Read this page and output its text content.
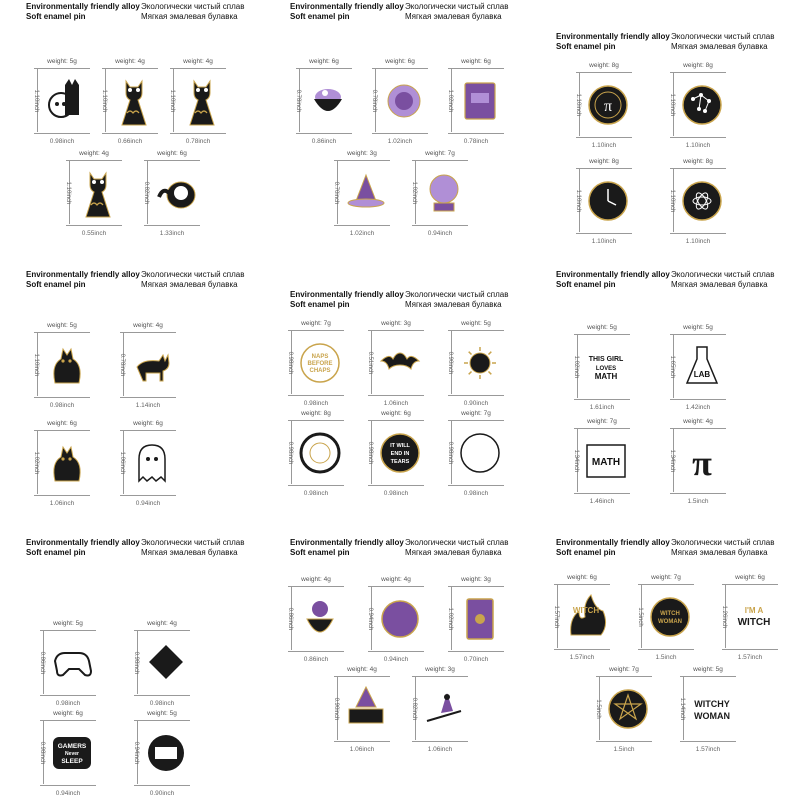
Environmentally friendly alloy
Soft enamel pin
Экологически чистый сплав
Мягкая эмалевая булавка
weight: 5g
1.10inch
0.98inch
weight: 4g
1.10inch
0.66inch
weight: 4g
1.10inch
0.78inch
weight: 4g
1.10inch
0.55inch
weight: 6g
0.82inch
1.33inch
Environmentally friendly alloy
Soft enamel pin
Экологически чистый сплав
Мягкая эмалевая булавка
weight: 6g
0.78inch
0.86inch
weight: 6g
0.78inch
1.02inch
weight: 6g
1.02inch
0.78inch
weight: 3g
0.70inch
1.02inch
weight: 7g
1.02inch
0.94inch
Environmentally friendly alloy
Soft enamel pin
Экологически чистый сплав
Мягкая эмалевая булавка
weight: 8g
1.10inch π
1.10inch
weight: 8g
1.10inch
1.10inch
weight: 8g
1.10inch
1.10inch
weight: 8g
1.10inch
1.10inch
Environmentally friendly alloy
Soft enamel pin
Экологически чистый сплав
Мягкая эмалевая булавка
weight: 5g
1.10inch
0.98inch
weight: 4g
0.78inch
1.14inch
weight: 6g
1.02inch
1.06inch
weight: 6g
1.06inch
0.94inch
Environmentally friendly alloy
Soft enamel pin
Экологически чистый сплав
Мягкая эмалевая булавка
weight: 7g
0.98inch	NAPS
BEFORE
CHAPS
0.98inch
weight: 3g
0.51inch
1.06inch
weight: 5g
0.90inch
0.90inch
weight: 8g
0.98inch
0.98inch
weight: 6g
0.98inch	IT WILL
END IN
TEARS
0.98inch
weight: 7g
0.98inch
0.98inch
Environmentally friendly alloy
Soft enamel pin
Экологически чистый сплав
Мягкая эмалевая булавка
weight: 5g
1.02inch THIS GIRL
LOVES
MATH
1.61inch
weight: 5g
1.65inch LAB
1.42inch
weight: 7g
1.34inch MATH
1.46inch
weight: 4g
1.34inch π
1.5inch
Environmentally friendly alloy
Soft enamel pin
Экологически чистый сплав
Мягкая эмалевая булавка
weight: 5g
0.86inch
0.98inch
weight: 4g
0.98inch
0.98inch
weight: 6g
0.98inch GAMERS
Never
SLEEP
0.94inch
weight: 5g
0.94inch
0.90inch
Environmentally friendly alloy
Soft enamel pin
Экологически чистый сплав
Мягкая эмалевая булавка
weight: 4g
0.86inch
0.86inch
weight: 4g
0.94inch
0.94inch
weight: 3g
1.02inch
0.70inch
weight: 4g
0.90inch
1.06inch
weight: 3g
0.82inch
1.06inch
Environmentally friendly alloy
Soft enamel pin
Экологически чистый сплав
Мягкая эмалевая булавка
weight: 6g
1.57inch WITCH
1.57inch
weight: 7g
1.5inch	WITCH
WOMAN
1.5inch
weight: 6g
1.26inch I'M A
WITCH
1.57inch
weight: 7g
1.5inch
1.5inch
weight: 5g
1.14inch WITCHY
WOMAN
1.57inch
